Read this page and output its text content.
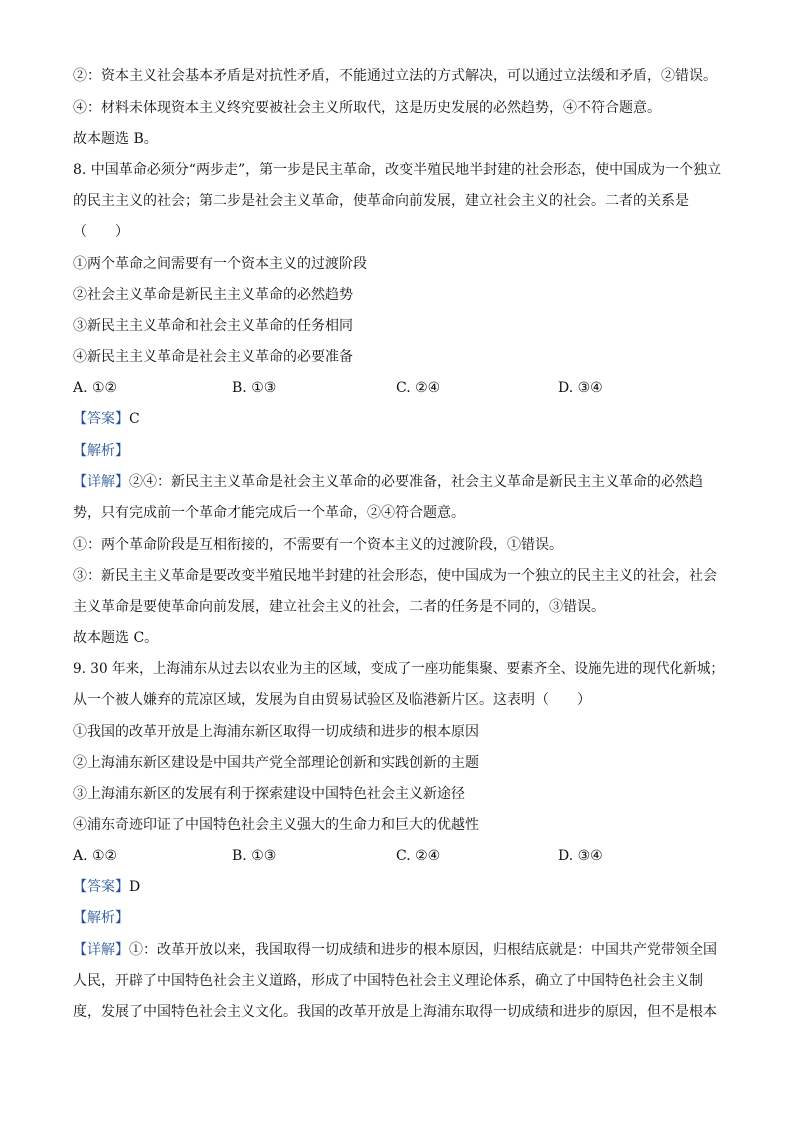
②：资本主义社会基本矛盾是对抗性矛盾，不能通过立法的方式解决，可以通过立法缓和矛盾，②错误。
④：材料未体现资本主义终究要被社会主义所取代，这是历史发展的必然趋势，④不符合题意。
故本题选 B。
8. 中国革命必须分“两步走”，第一步是民主革命，改变半殖民地半封建的社会形态，使中国成为一个独立
的民主主义的社会；第二步是社会主义革命，使革命向前发展，建立社会主义的社会。二者的关系是
（　　）
①两个革命之间需要有一个资本主义的过渡阶段
②社会主义革命是新民主主义革命的必然趋势
③新民主主义革命和社会主义革命的任务相同
④新民主主义革命是社会主义革命的必要准备
A. ①②	B. ①③	C. ②④	D. ③④
【答案】C
【解析】
【详解】②④：新民主主义革命是社会主义革命的必要准备，社会主义革命是新民主主义革命的必然趋
势，只有完成前一个革命才能完成后一个革命，②④符合题意。
①：两个革命阶段是互相衔接的，不需要有一个资本主义的过渡阶段，①错误。
③：新民主主义革命是要改变半殖民地半封建的社会形态，使中国成为一个独立的民主主义的社会，社会
主义革命是要使革命向前发展，建立社会主义的社会，二者的任务是不同的，③错误。
故本题选 C。
9. 30 年来，上海浦东从过去以农业为主的区域，变成了一座功能集聚、要素齐全、设施先进的现代化新城；
从一个被人嫌弃的荒凉区域，发展为自由贸易试验区及临港新片区。这表明（　　）
①我国的改革开放是上海浦东新区取得一切成绩和进步的根本原因
②上海浦东新区建设是中国共产党全部理论创新和实践创新的主题
③上海浦东新区的发展有利于探索建设中国特色社会主义新途径
④浦东奇迹印证了中国特色社会主义强大的生命力和巨大的优越性
A. ①②	B. ①③	C. ②④	D. ③④
【答案】D
【解析】
【详解】①：改革开放以来，我国取得一切成绩和进步的根本原因，归根结底就是：中国共产党带领全国
人民，开辟了中国特色社会主义道路，形成了中国特色社会主义理论体系，确立了中国特色社会主义制
度，发展了中国特色社会主义文化。我国的改革开放是上海浦东取得一切成绩和进步的原因，但不是根本
